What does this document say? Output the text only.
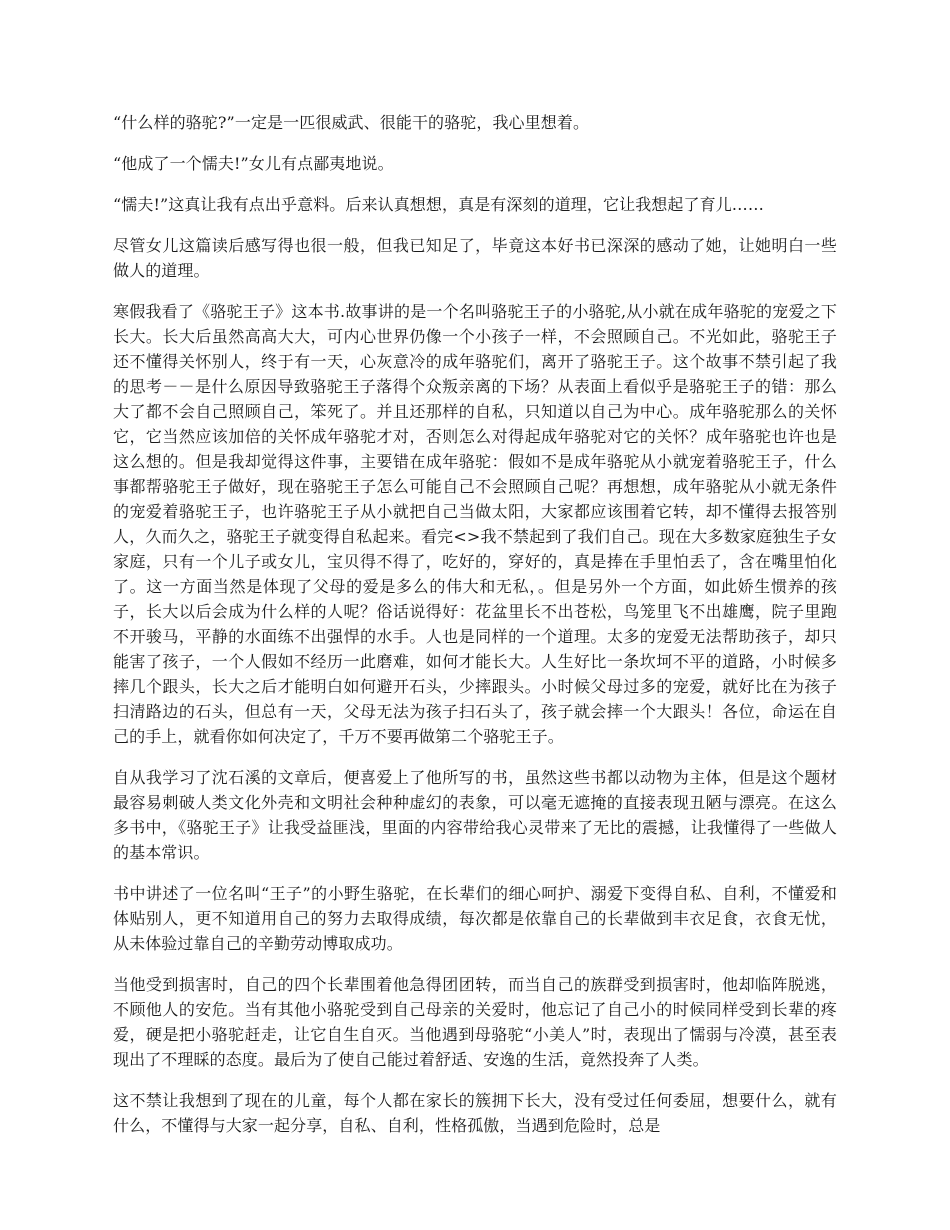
“什么样的骆驼?”一定是一匹很威武、很能干的骆驼，我心里想着。

“他成了一个懦夫!”女儿有点鄙夷地说。

“懦夫!”这真让我有点出乎意料。后来认真想想，真是有深刻的道理，它让我想起了育儿……

尽管女儿这篇读后感写得也很一般，但我已知足了，毕竟这本好书已深深的感动了她，让她明白一些做人的道理。

寒假我看了《骆驼王子》这本书.故事讲的是一个名叫骆驼王子的小骆驼,从小就在成年骆驼的宠爱之下长大。长大后虽然高高大大，可内心世界仍像一个小孩子一样，不会照顾自己。不光如此，骆驼王子还不懂得关怀别人，终于有一天，心灰意冷的成年骆驼们，离开了骆驼王子。这个故事不禁引起了我的思考－－是什么原因导致骆驼王子落得个众叛亲离的下场？从表面上看似乎是骆驼王子的错：那么大了都不会自己照顾自己，笨死了。并且还那样的自私，只知道以自己为中心。成年骆驼那么的关怀它，它当然应该加倍的关怀成年骆驼才对，否则怎么对得起成年骆驼对它的关怀？成年骆驼也许也是这么想的。但是我却觉得这件事，主要错在成年骆驼：假如不是成年骆驼从小就宠着骆驼王子，什么事都帮骆驼王子做好，现在骆驼王子怎么可能自己不会照顾自己呢？再想想，成年骆驼从小就无条件的宠爱着骆驼王子，也许骆驼王子从小就把自己当做太阳，大家都应该围着它转，却不懂得去报答别人，久而久之，骆驼王子就变得自私起来。看完<>我不禁起到了我们自己。现在大多数家庭独生子女家庭，只有一个儿子或女儿，宝贝得不得了，吃好的，穿好的，真是捧在手里怕丢了，含在嘴里怕化了。这一方面当然是体现了父母的爱是多么的伟大和无私，。但是另外一个方面，如此娇生惯养的孩子，长大以后会成为什么样的人呢？俗话说得好：花盆里长不出苍松，鸟笼里飞不出雄鹰，院子里跑不开骏马，平静的水面练不出强悍的水手。人也是同样的一个道理。太多的宠爱无法帮助孩子，却只能害了孩子，一个人假如不经历一此磨难，如何才能长大。人生好比一条坎坷不平的道路，小时候多摔几个跟头，长大之后才能明白如何避开石头，少摔跟头。小时候父母过多的宠爱，就好比在为孩子扫清路边的石头，但总有一天，父母无法为孩子扫石头了，孩子就会摔一个大跟头！各位，命运在自己的手上，就看你如何决定了，千万不要再做第二个骆驼王子。

自从我学习了沈石溪的文章后，便喜爱上了他所写的书，虽然这些书都以动物为主体，但是这个题材最容易刺破人类文化外壳和文明社会种种虚幻的表象，可以毫无遮掩的直接表现丑陋与漂亮。在这么多书中，《骆驼王子》让我受益匪浅，里面的内容带给我心灵带来了无比的震撼，让我懂得了一些做人的基本常识。

书中讲述了一位名叫“王子”的小野生骆驼，在长辈们的细心呵护、溺爱下变得自私、自利，不懂爱和体贴别人，更不知道用自己的努力去取得成绩，每次都是依靠自己的长辈做到丰衣足食，衣食无忧，从未体验过靠自己的辛勤劳动博取成功。

当他受到损害时，自己的四个长辈围着他急得团团转，而当自己的族群受到损害时，他却临阵脱逃，不顾他人的安危。当有其他小骆驼受到自己母亲的关爱时，他忘记了自己小的时候同样受到长辈的疼爱，硬是把小骆驼赶走，让它自生自灭。当他遇到母骆驼“小美人”时，表现出了懦弱与冷漠，甚至表现出了不理睬的态度。最后为了使自己能过着舒适、安逸的生活，竟然投奔了人类。

这不禁让我想到了现在的儿童，每个人都在家长的簇拥下长大，没有受过任何委屈，想要什么，就有什么，不懂得与大家一起分享，自私、自利，性格孤傲，当遇到危险时，总是
